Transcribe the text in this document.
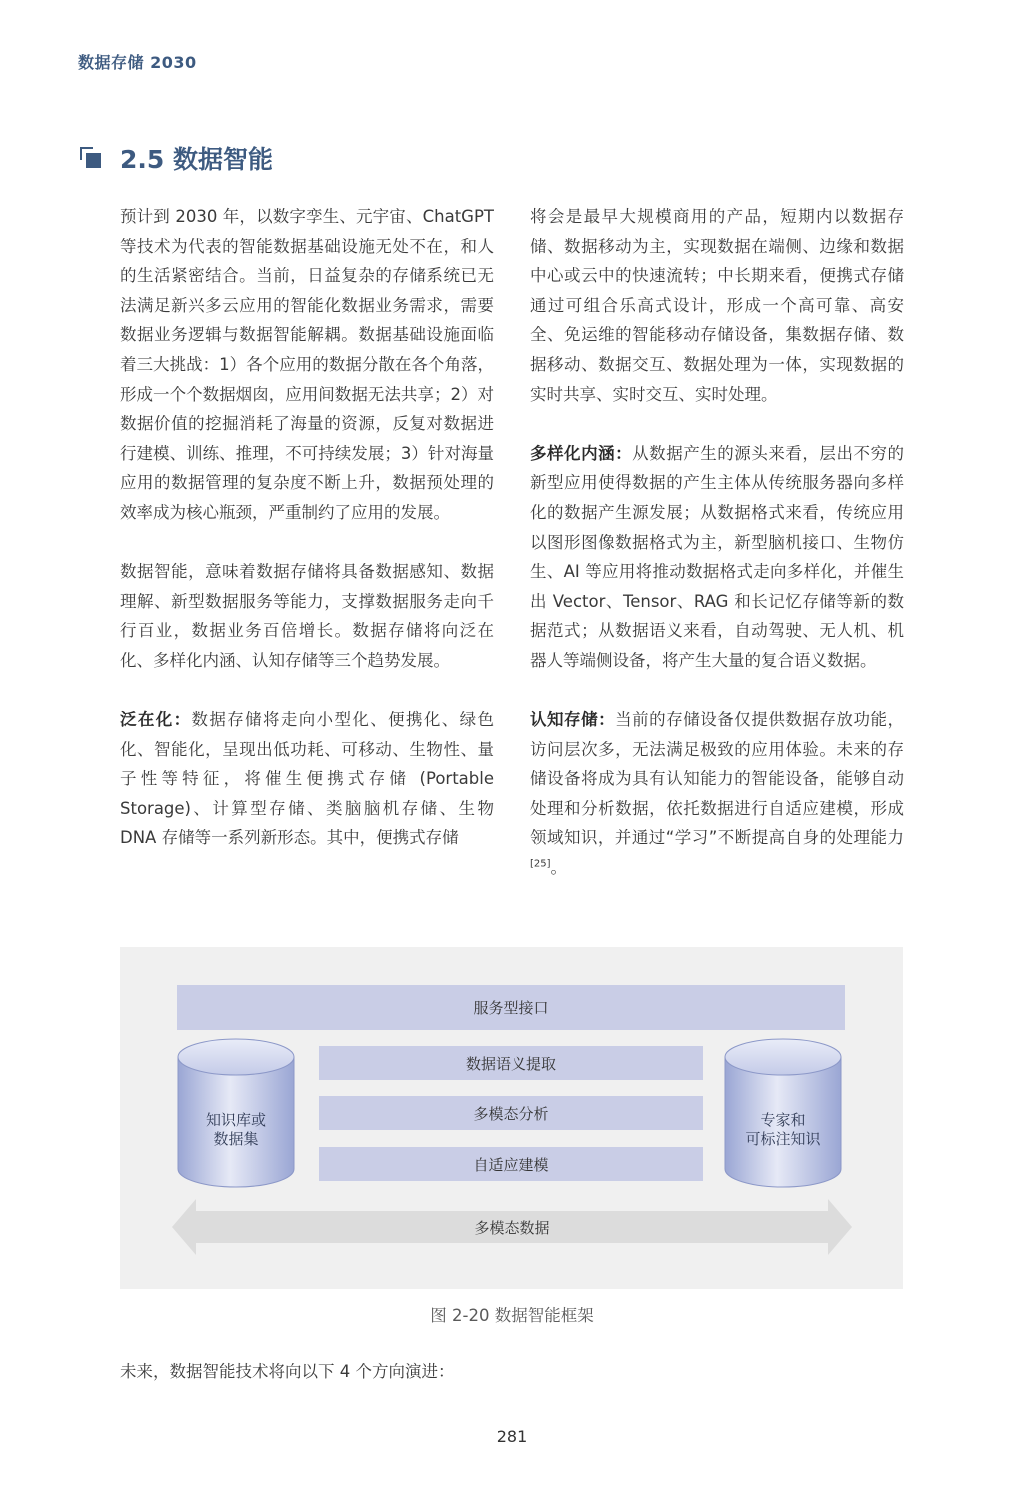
数据存储 2030
2.5 数据智能

预计到 2030 年，以数字孪生、元宇宙、ChatGPT 等技术为代表的智能数据基础设施无处不在，和人的生活紧密结合。当前，日益复杂的存储系统已无法满足新兴多云应用的智能化数据业务需求，需要数据业务逻辑与数据智能解耦。数据基础设施面临着三大挑战：1）各个应用的数据分散在各个角落，形成一个个数据烟囱，应用间数据无法共享；2）对数据价值的挖掘消耗了海量的资源，反复对数据进行建模、训练、推理，不可持续发展；3）针对海量应用的数据管理的复杂度不断上升，数据预处理的效率成为核心瓶颈，严重制约了应用的发展。

数据智能，意味着数据存储将具备数据感知、数据理解、新型数据服务等能力，支撑数据服务走向千行百业，数据业务百倍增长。数据存储将向泛在化、多样化内涵、认知存储等三个趋势发展。

泛在化：数据存储将走向小型化、便携化、绿色化、智能化，呈现出低功耗、可移动、生物性、量子性等特征，将催生便携式存储 (Portable Storage)、计算型存储、类脑脑机存储、生物 DNA 存储等一系列新形态。其中，便携式存储

将会是最早大规模商用的产品，短期内以数据存储、数据移动为主，实现数据在端侧、边缘和数据中心或云中的快速流转；中长期来看，便携式存储通过可组合乐高式设计，形成一个高可靠、高安全、免运维的智能移动存储设备，集数据存储、数据移动、数据交互、数据处理为一体，实现数据的实时共享、实时交互、实时处理。

多样化内涵：从数据产生的源头来看，层出不穷的新型应用使得数据的产生主体从传统服务器向多样化的数据产生源发展；从数据格式来看，传统应用以图形图像数据格式为主，新型脑机接口、生物仿生、AI 等应用将推动数据格式走向多样化，并催生出 Vector、Tensor、RAG 和长记忆存储等新的数据范式；从数据语义来看，自动驾驶、无人机、机器人等端侧设备，将产生大量的复合语义数据。

认知存储：当前的存储设备仅提供数据存放功能，访问层次多，无法满足极致的应用体验。未来的存储设备将成为具有认知能力的智能设备，能够自动处理和分析数据，依托数据进行自适应建模，形成领域知识，并通过“学习”不断提高自身的处理能力[25]。

服务型接口
知识库或
数据集
数据语义提取
多模态分析
自适应建模
专家和
可标注知识
多模态数据
图 2-20 数据智能框架
未来，数据智能技术将向以下 4 个方向演进：
281
